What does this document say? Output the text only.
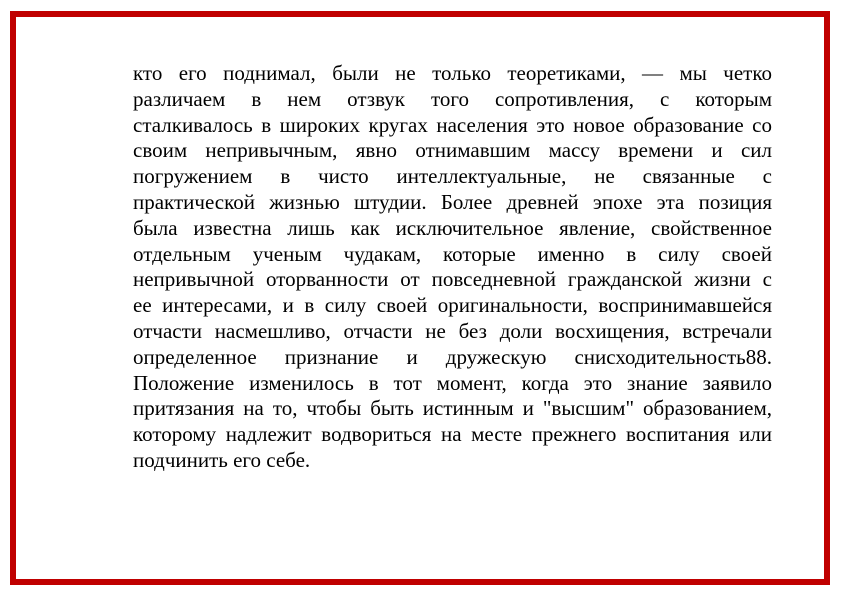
кто его поднимал, были не только теоретиками, — мы четко
различаем в нем отзвук того сопротивления, с которым
сталкивалось в широких кругах населения это новое образование со
своим непривычным, явно отнимавшим массу времени и сил
погружением в чисто интеллектуальные, не связанные с
практической жизнью штудии. Более древней эпохе эта позиция
была известна лишь как исключительное явление, свойственное
отдельным ученым чудакам, которые именно в силу своей
непривычной оторванности от повседневной гражданской жизни с
ее интересами, и в силу своей оригинальности, воспринимавшейся
отчасти насмешливо, отчасти не без доли восхищения, встречали
определенное признание и дружескую снисходительность88.
Положение изменилось в тот момент, когда это знание заявило
притязания на то, чтобы быть истинным и "высшим" образованием,
которому надлежит водвориться на месте прежнего воспитания или
подчинить его себе.
